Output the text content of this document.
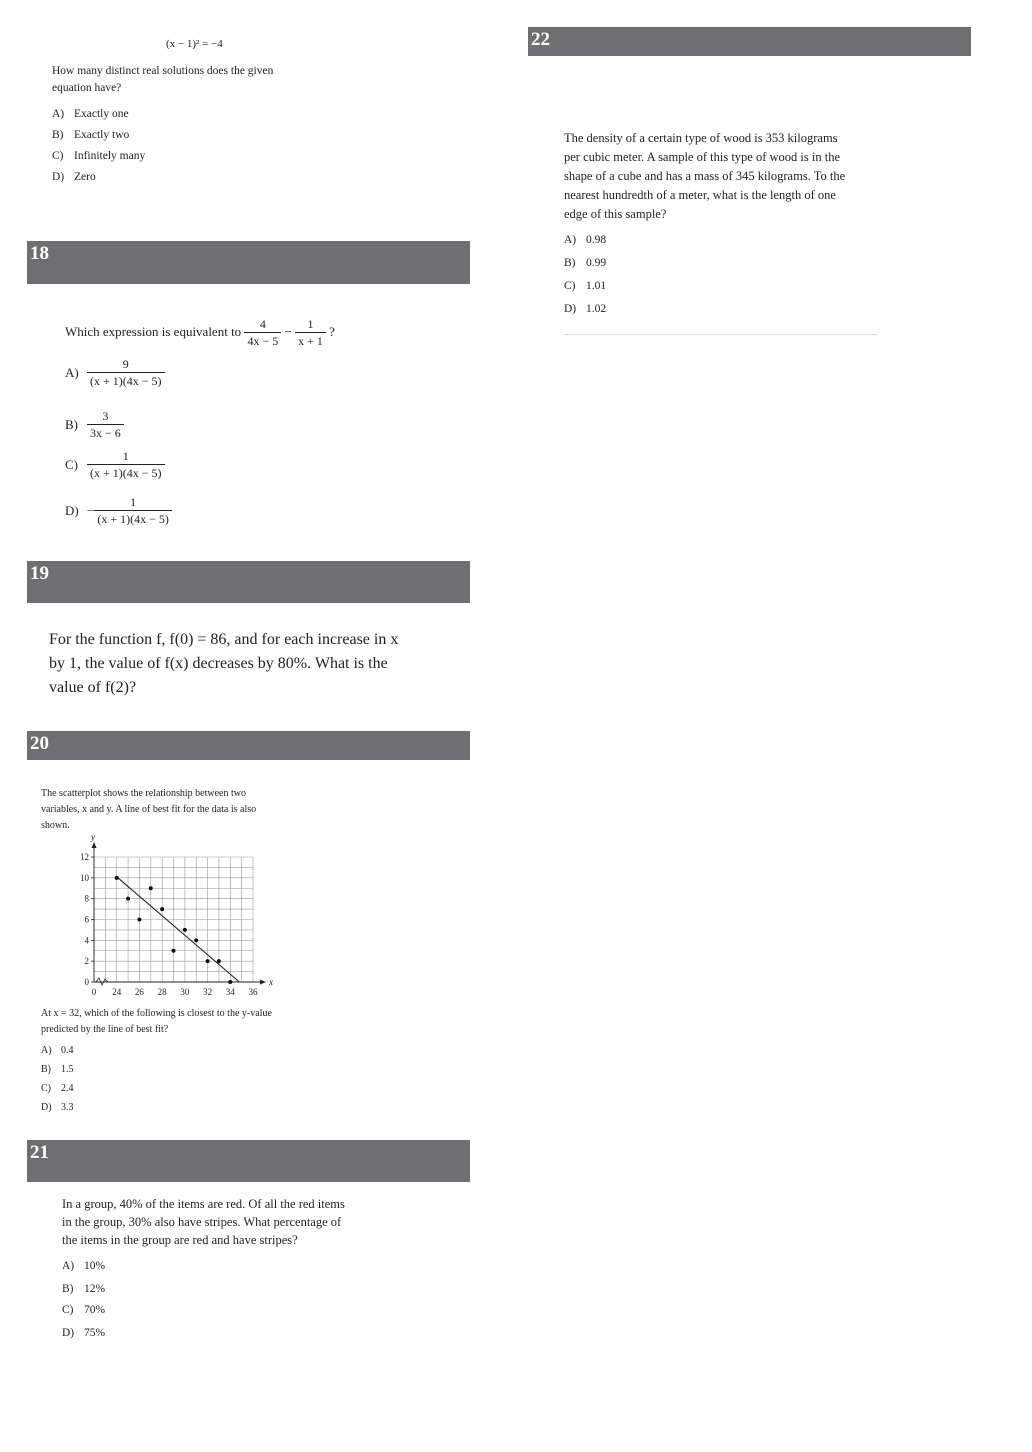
(x − 1)² = −4
How many distinct real solutions does the given
equation have?
A) Exactly one
B) Exactly two
C) Infinitely many
D) Zero
18
Which expression is equivalent to $\frac{4}{4x - 5} - \frac{1}{x + 1}$ ?
$A) \frac{9}{(x + 1)(4x - 5)}$
$B) \frac{3}{3x - 6}$
$C) \frac{1}{(x + 1)(4x - 5)}$
$D) - \frac{1}{(x + 1)(4x - 5)}$
19
For the function f, f(0) = 86, and for each increase in x
by 1, the value of f(x) decreases by 80%. What is the
value of f(2)?
20
The scatterplot shows the relationship between two
variables, x and y. A line of best fit for the data is also
shown.
x
y
0 24 26 28 30 32 34 36
0
2
4
6
8
10
12
At x = 32, which of the following is closest to the y-value
predicted by the line of best fit?
A) 0.4
B) 1.5
C) 2.4
D) 3.3
21
In a group, 40% of the items are red. Of all the red items
in the group, 30% also have stripes. What percentage of
the items in the group are red and have stripes?
A) 10%
B) 12%
C) 70%
D) 75%
22
The density of a certain type of wood is 353 kilograms
per cubic meter. A sample of this type of wood is in the
shape of a cube and has a mass of 345 kilograms. To the
nearest hundredth of a meter, what is the length of one
edge of this sample?
A) 0.98
B) 0.99
C) 1.01
D) 1.02
